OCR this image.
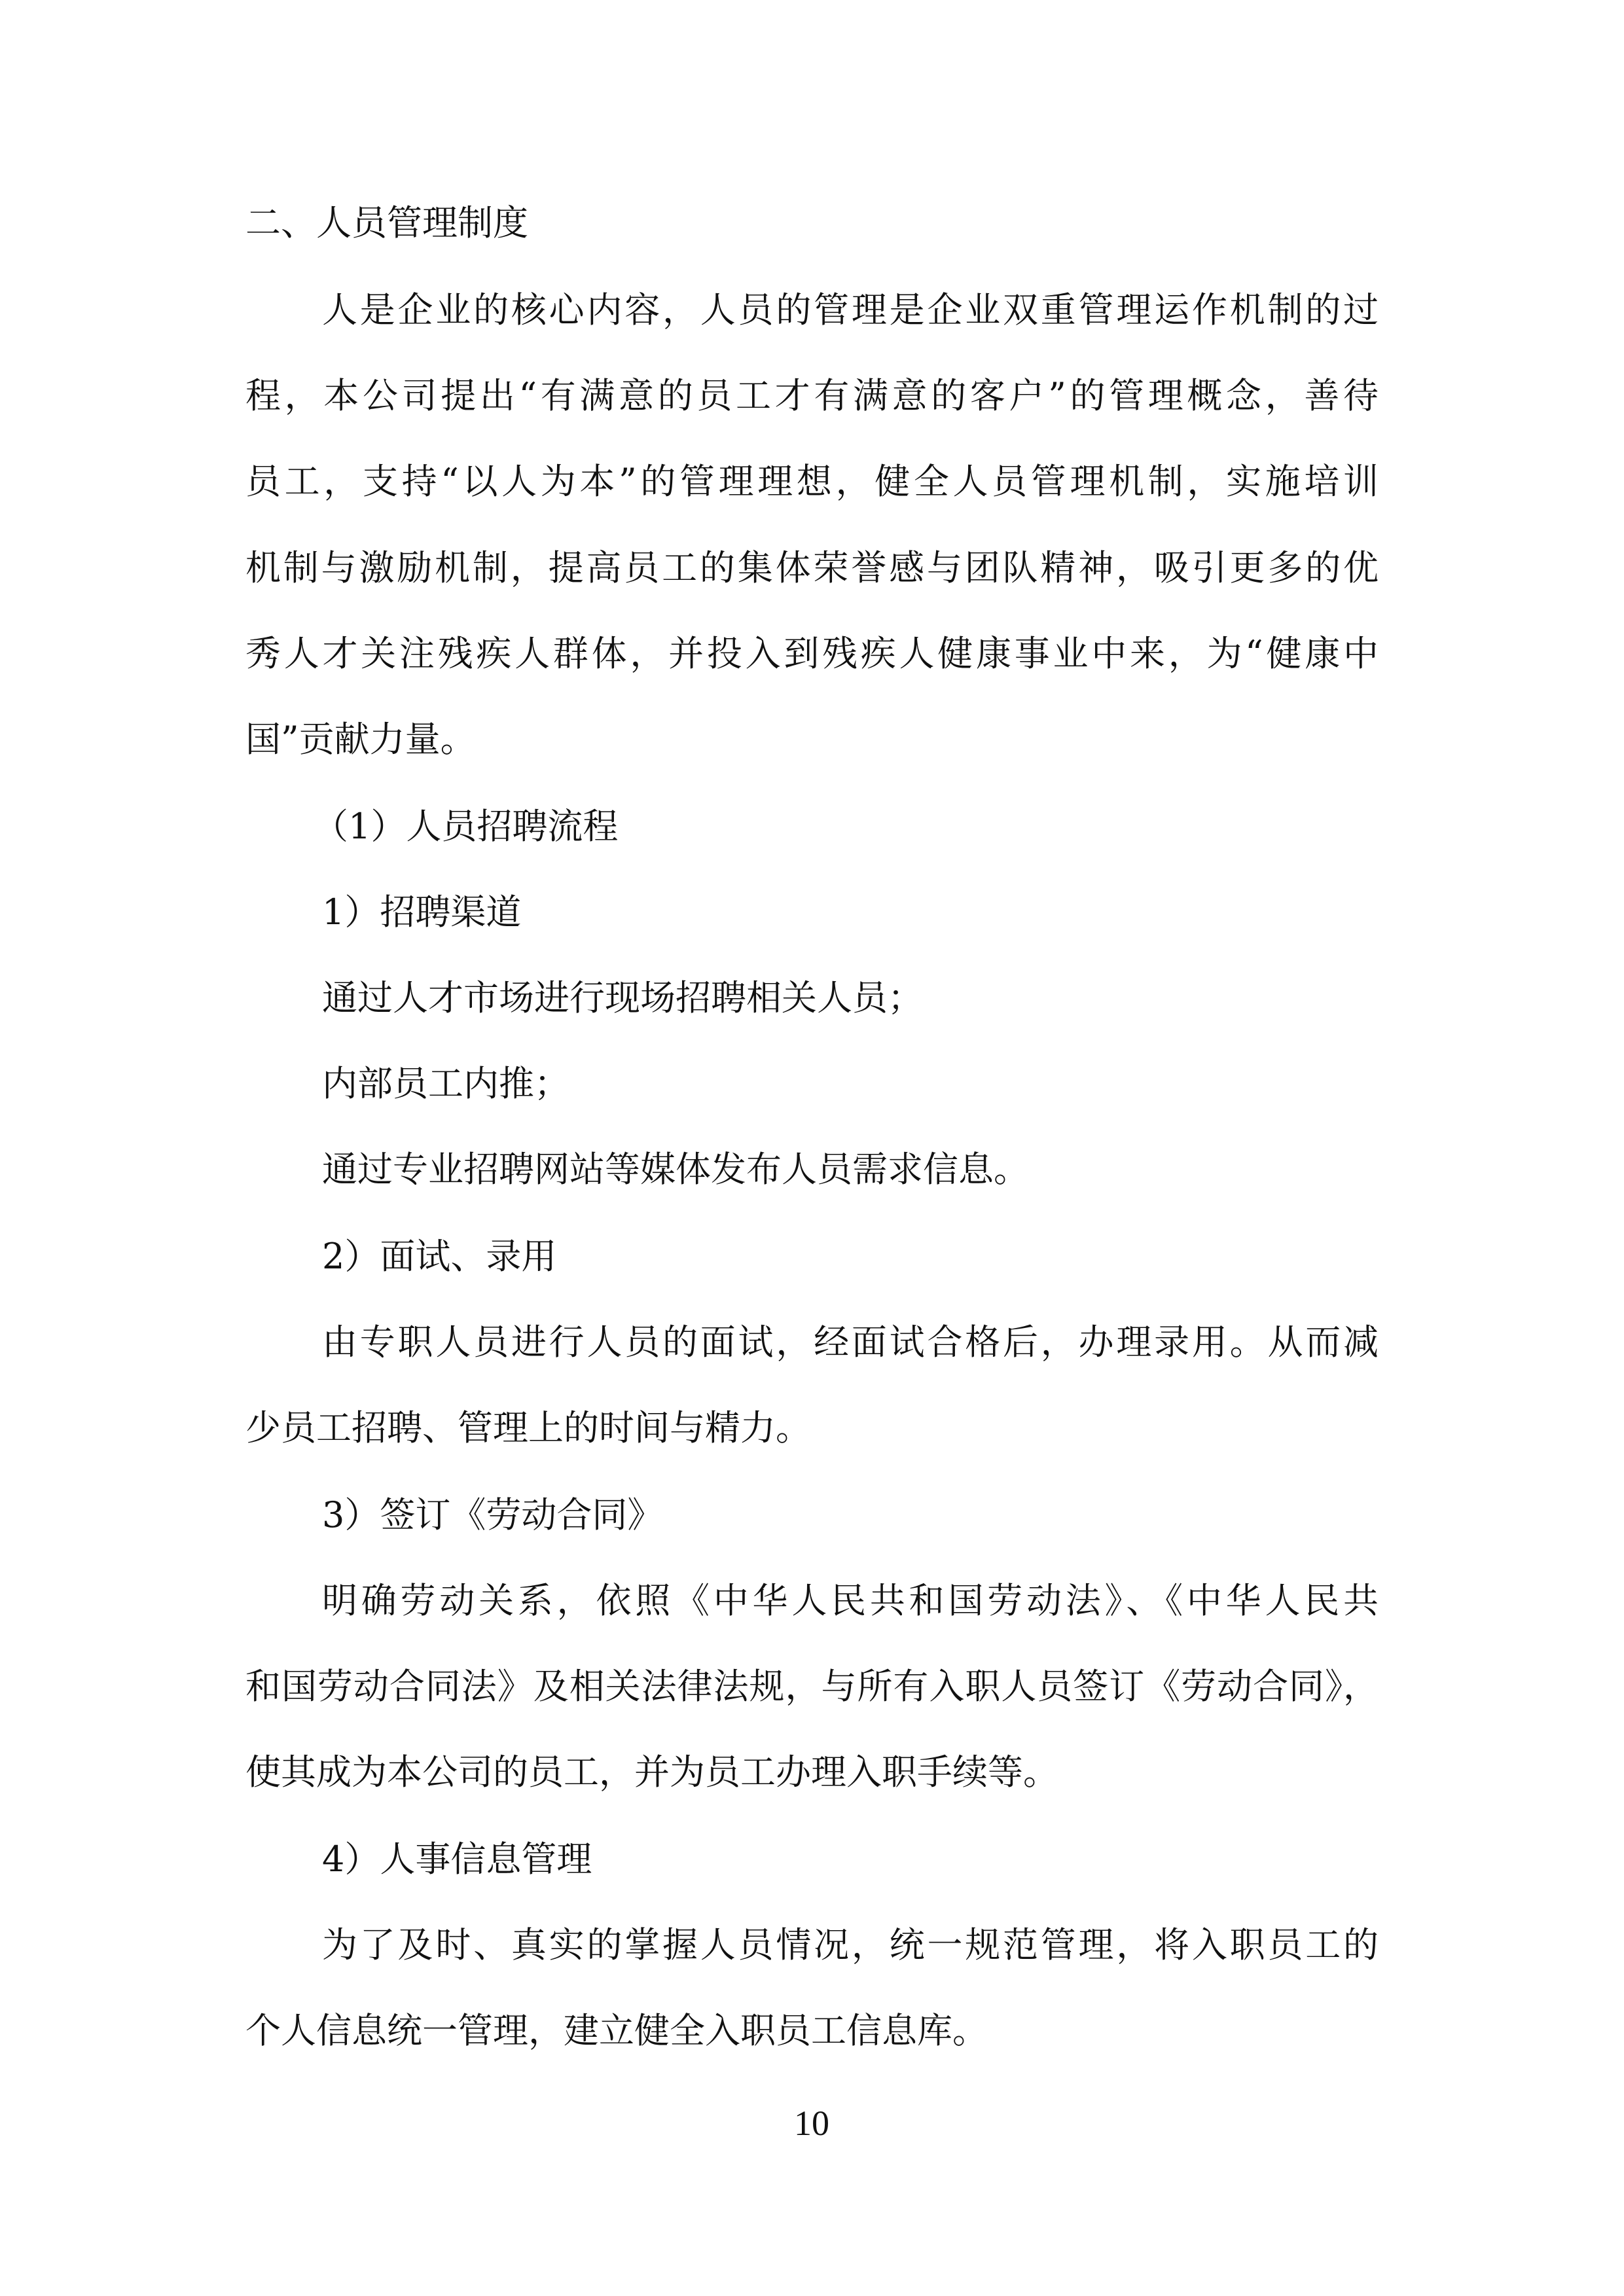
二、人员管理制度
人是企业的核心内容，人员的管理是企业双重管理运作机制的过
程，本公司提出“有满意的员工才有满意的客户”的管理概念，善待
员工，支持“以人为本”的管理理想，健全人员管理机制，实施培训
机制与激励机制，提高员工的集体荣誉感与团队精神，吸引更多的优
秀人才关注残疾人群体，并投入到残疾人健康事业中来，为“健康中
国”贡献力量。
（1）人员招聘流程
1）招聘渠道
通过人才市场进行现场招聘相关人员；
内部员工内推；
通过专业招聘网站等媒体发布人员需求信息。
2）面试、录用
由专职人员进行人员的面试，经面试合格后，办理录用。从而减
少员工招聘、管理上的时间与精力。
3）签订《劳动合同》
明确劳动关系，依照《中华人民共和国劳动法》、《中华人民共
和国劳动合同法》及相关法律法规，与所有入职人员签订《劳动合同》，
使其成为本公司的员工，并为员工办理入职手续等。
4）人事信息管理
为了及时、真实的掌握人员情况，统一规范管理，将入职员工的
个人信息统一管理，建立健全入职员工信息库。
10
